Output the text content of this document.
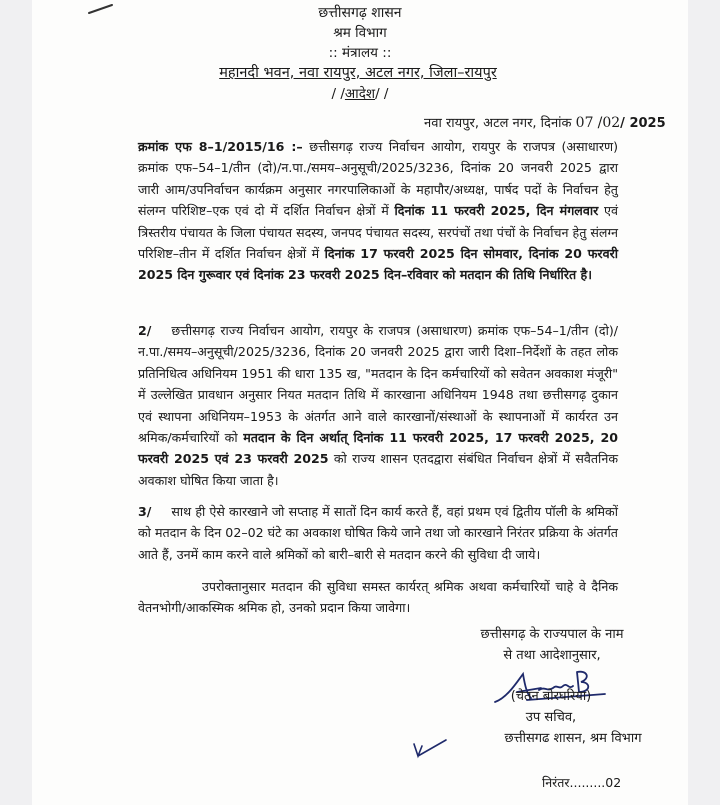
छत्तीसगढ़ शासन
श्रम विभाग
:: मंत्रालय ::
महानदी भवन, नवा रायपुर, अटल नगर, जिला–रायपुर
/ /आदेश/ /
नवा रायपुर, अटल नगर, दिनांक 07 /02/ 2025
क्रमांक एफ 8–1/2015/16 :– छत्तीसगढ़ राज्य निर्वाचन आयोग, रायपुर के राजपत्र (असाधारण) क्रमांक एफ–54–1/तीन (दो)/न.पा./समय–अनुसूची/2025/3236, दिनांक 20 जनवरी 2025 द्वारा जारी आम/उपनिर्वाचन कार्यक्रम अनुसार नगरपालिकाओं के महापौर/अध्यक्ष, पार्षद पदों के निर्वाचन हेतु संलग्न परिशिष्ट–एक एवं दो में दर्शित निर्वाचन क्षेत्रों में दिनांक 11 फरवरी 2025, दिन मंगलवार एवं त्रिस्तरीय पंचायत के जिला पंचायत सदस्य, जनपद पंचायत सदस्य, सरपंचों तथा पंचों के निर्वाचन हेतु संलग्न परिशिष्ट–तीन में दर्शित निर्वाचन क्षेत्रों में दिनांक 17 फरवरी 2025 दिन सोमवार, दिनांक 20 फरवरी 2025 दिन गुरूवार एवं दिनांक 23 फरवरी 2025 दिन–रविवार को मतदान की तिथि निर्धारित है।
2/ छत्तीसगढ़ राज्य निर्वाचन आयोग, रायपुर के राजपत्र (असाधारण) क्रमांक एफ–54–1/तीन (दो)/न.पा./समय–अनुसूची/2025/3236, दिनांक 20 जनवरी 2025 द्वारा जारी दिशा–निर्देशों के तहत लोक प्रतिनिधित्व अधिनियम 1951 की धारा 135 ख, "मतदान के दिन कर्मचारियों को सवेतन अवकाश मंजूरी" में उल्लेखित प्रावधान अनुसार नियत मतदान तिथि में कारखाना अधिनियम 1948 तथा छत्तीसगढ़ दुकान एवं स्थापना अधिनियम–1953 के अंतर्गत आने वाले कारखानों/संस्थाओं के स्थापनाओं में कार्यरत उन श्रमिक/कर्मचारियों को मतदान के दिन अर्थात् दिनांक 11 फरवरी 2025, 17 फरवरी 2025, 20 फरवरी 2025 एवं 23 फरवरी 2025 को राज्य शासन एतदद्वारा संबंधित निर्वाचन क्षेत्रों में सवैतनिक अवकाश घोषित किया जाता है।
3/ साथ ही ऐसे कारखाने जो सप्ताह में सातों दिन कार्य करते हैं, वहां प्रथम एवं द्वितीय पॉली के श्रमिकों को मतदान के दिन 02–02 घंटे का अवकाश घोषित किये जाने तथा जो कारखाने निरंतर प्रक्रिया के अंतर्गत आते हैं, उनमें काम करने वाले श्रमिकों को बारी–बारी से मतदान करने की सुविधा दी जाये।
उपरोक्तानुसार मतदान की सुविधा समस्त कार्यरत् श्रमिक अथवा कर्मचारियों चाहे वे दैनिक वेतनभोगी/आकस्मिक श्रमिक हो, उनको प्रदान किया जावेगा।
छत्तीसगढ़ के राज्यपाल के नाम
से तथा आदेशानुसार,
(चेतन बोरघरिया)
उप सचिव,
छत्तीसगढ शासन, श्रम विभाग
निरंतर.........02
